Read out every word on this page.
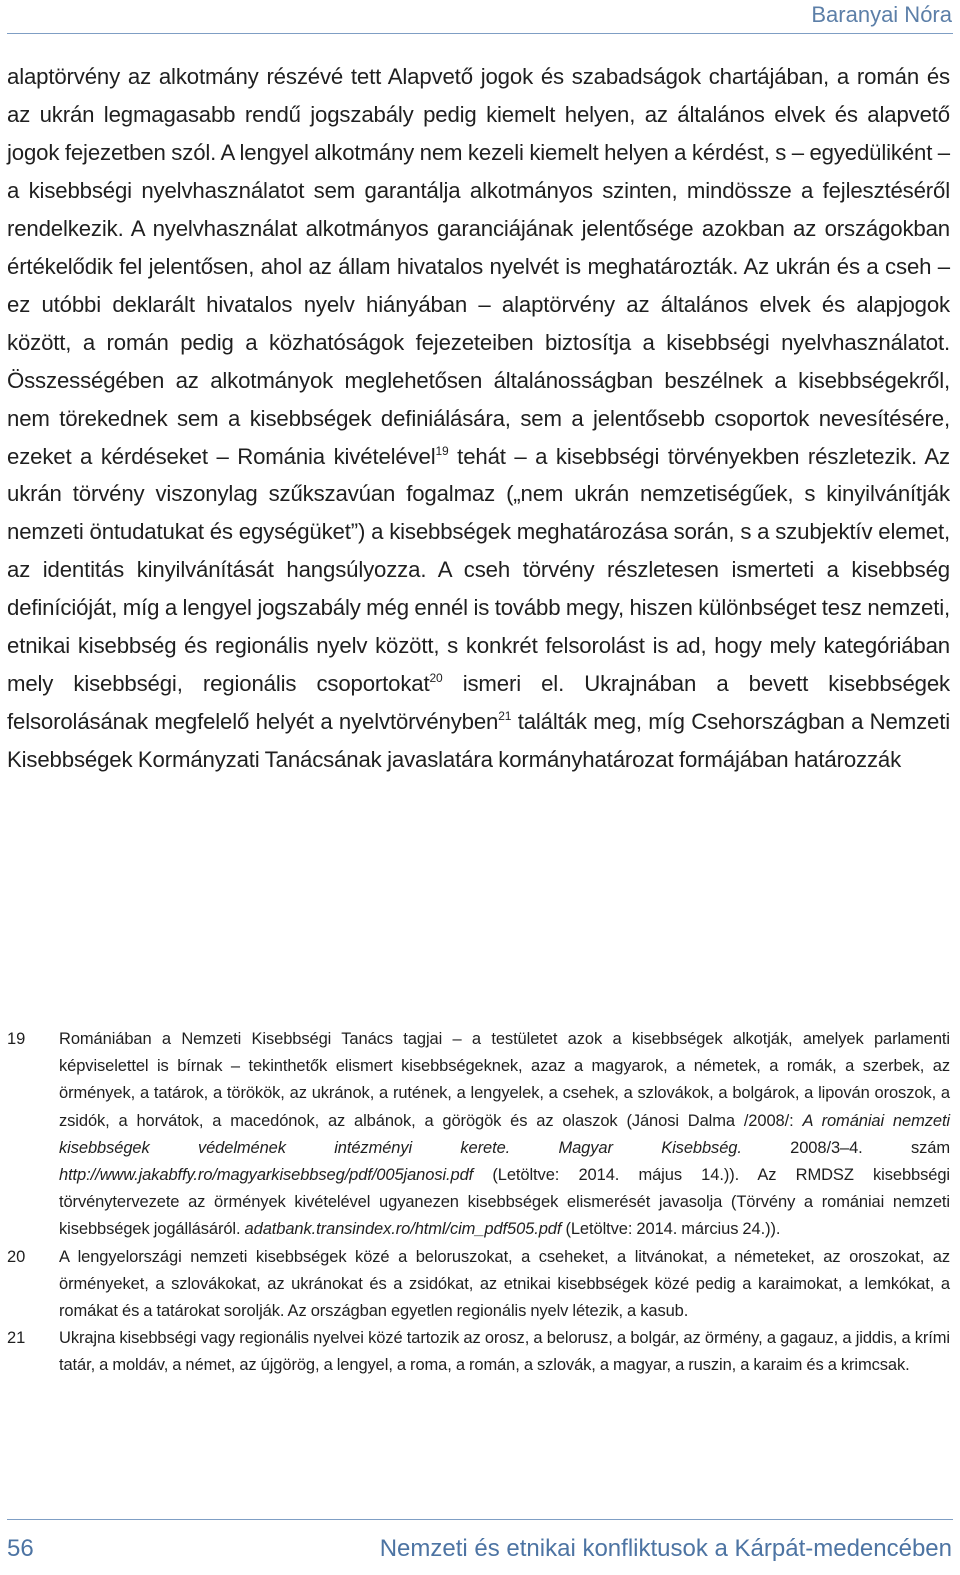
Baranyai Nóra

alaptörvény az alkotmány részévé tett Alapvető jogok és szabadságok chartájában, a román és az ukrán legmagasabb rendű jogszabály pedig kiemelt helyen, az általános elvek és alapvető jogok fejezetben szól. A lengyel alkotmány nem kezeli kiemelt helyen a kérdést, s – egyedüliként – a kisebbségi nyelvhasználatot sem garantálja alkotmányos szinten, mindössze a fejlesztéséről rendelkezik. A nyelvhasználat alkotmányos garanciájának jelentősége azokban az országokban értékelődik fel jelentősen, ahol az állam hivatalos nyelvét is meghatározták. Az ukrán és a cseh – ez utóbbi deklarált hivatalos nyelv hiányában – alaptörvény az általános elvek és alapjogok között, a román pedig a közhatóságok fejezeteiben biztosítja a kisebbségi nyelvhasználatot. Összességében az alkotmányok meglehetősen általánosságban beszélnek a kisebbségekről, nem törekednek sem a kisebbségek definiálására, sem a jelentősebb csoportok nevesítésére, ezeket a kérdéseket – Románia kivételével$^{19}$ tehát – a kisebbségi törvényekben részletezik. Az ukrán törvény viszonylag szűkszavúan fogalmaz („nem ukrán nemzetiségűek, s kinyilvánítják nemzeti öntudatukat és egységüket”) a kisebbségek meghatározása során, s a szubjektív elemet, az identitás kinyilvánítását hangsúlyozza. A cseh törvény részletesen ismerteti a kisebbség definícióját, míg a lengyel jogszabály még ennél is tovább megy, hiszen különbséget tesz nemzeti, etnikai kisebbség és regionális nyelv között, s konkrét felsorolást is ad, hogy mely kategóriában mely kisebbségi, regionális csoportokat$^{20}$ ismeri el. Ukrajnában a bevett kisebbségek felsorolásának megfelelő helyét a nyelvtörvényben$^{21}$ találták meg, míg Csehországban a Nemzeti Kisebbségek Kormányzati Tanácsának javaslatára kormányhatározat formájában határozzák

19 Romániában a Nemzeti Kisebbségi Tanács tagjai – a testületet azok a kisebbségek alkotják, amelyek parlamenti képviselettel is bírnak – tekinthetők elismert kisebbségeknek, azaz a magyarok, a németek, a romák, a szerbek, az örmények, a tatárok, a törökök, az ukránok, a rutének, a lengyelek, a csehek, a szlovákok, a bolgárok, a lipován oroszok, a zsidók, a horvátok, a macedónok, az albánok, a görögök és az olaszok (Jánosi Dalma /2008/: A romániai nemzeti kisebbségek védelmének intézményi kerete. Magyar Kisebbség. 2008/3–4. szám http://www.jakabffy.ro/magyarkisebbseg/pdf/005janosi.pdf (Letöltve: 2014. május 14.)). Az RMDSZ kisebbségi törvénytervezete az örmények kivételével ugyanezen kisebbségek elismerését javasolja (Törvény a romániai nemzeti kisebbségek jogállásáról. adatbank.transindex.ro/html/cim_pdf505.pdf (Letöltve: 2014. március 24.)).
20 A lengyelországi nemzeti kisebbségek közé a beloruszokat, a cseheket, a litvánokat, a németeket, az oroszokat, az örményeket, a szlovákokat, az ukránokat és a zsidókat, az etnikai kisebbségek közé pedig a karaimokat, a lemkókat, a romákat és a tatárokat sorolják. Az országban egyetlen regionális nyelv létezik, a kasub.
21 Ukrajna kisebbségi vagy regionális nyelvei közé tartozik az orosz, a belorusz, a bolgár, az örmény, a gagauz, a jiddis, a krími tatár, a moldáv, a német, az újgörög, a lengyel, a roma, a román, a szlovák, a magyar, a ruszin, a karaim és a krimcsak.
56	Nemzeti és etnikai konfliktusok a Kárpát-medencében
